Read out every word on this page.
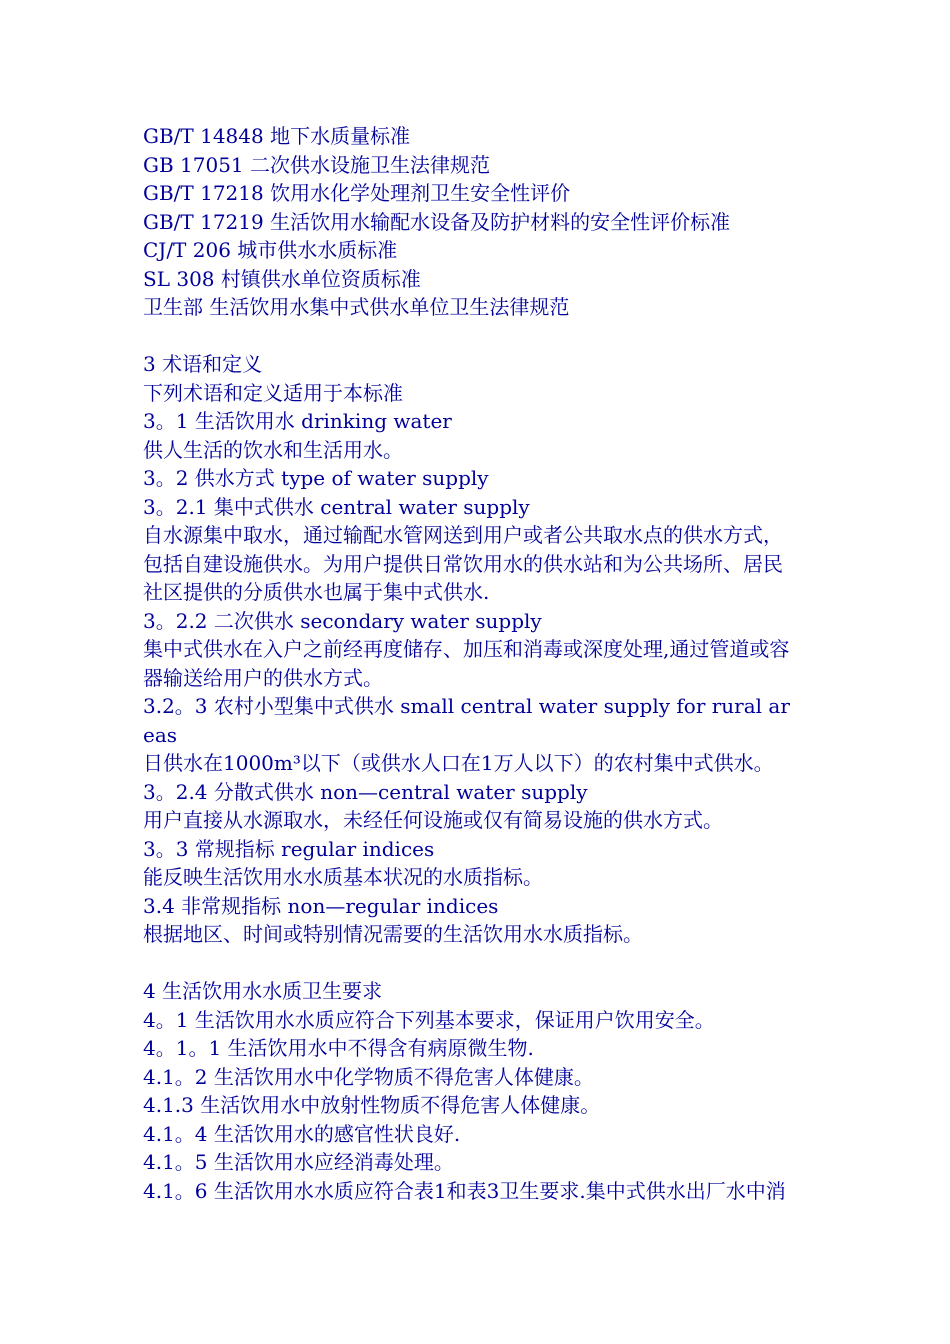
GB/T 14848 地下水质量标准
GB 17051 二次供水设施卫生法律规范
GB/T 17218 饮用水化学处理剂卫生安全性评价
GB/T 17219 生活饮用水输配水设备及防护材料的安全性评价标准
CJ/T 206 城市供水水质标准
SL 308 村镇供水单位资质标准
卫生部 生活饮用水集中式供水单位卫生法律规范
3 术语和定义
下列术语和定义适用于本标准
3。1 生活饮用水 drinking water
供人生活的饮水和生活用水。
3。2 供水方式 type of water supply
3。2.1 集中式供水 central water supply
自水源集中取水，通过输配水管网送到用户或者公共取水点的供水方式，
包括自建设施供水。为用户提供日常饮用水的供水站和为公共场所、居民
社区提供的分质供水也属于集中式供水.
3。2.2 二次供水 secondary water supply
集中式供水在入户之前经再度储存、加压和消毒或深度处理,通过管道或容
器输送给用户的供水方式。
3.2。3 农村小型集中式供水 small central water supply for rural ar
eas
日供水在1000m³以下（或供水人口在1万人以下）的农村集中式供水。
3。2.4 分散式供水 non—central water supply
用户直接从水源取水，未经任何设施或仅有简易设施的供水方式。
3。3 常规指标 regular indices
能反映生活饮用水水质基本状况的水质指标。
3.4 非常规指标 non—regular indices
根据地区、时间或特别情况需要的生活饮用水水质指标。
4 生活饮用水水质卫生要求
4。1 生活饮用水水质应符合下列基本要求，保证用户饮用安全。
4。1。1 生活饮用水中不得含有病原微生物.
4.1。2 生活饮用水中化学物质不得危害人体健康。
4.1.3 生活饮用水中放射性物质不得危害人体健康。
4.1。4 生活饮用水的感官性状良好.
4.1。5 生活饮用水应经消毒处理。
4.1。6 生活饮用水水质应符合表1和表3卫生要求.集中式供水出厂水中消
